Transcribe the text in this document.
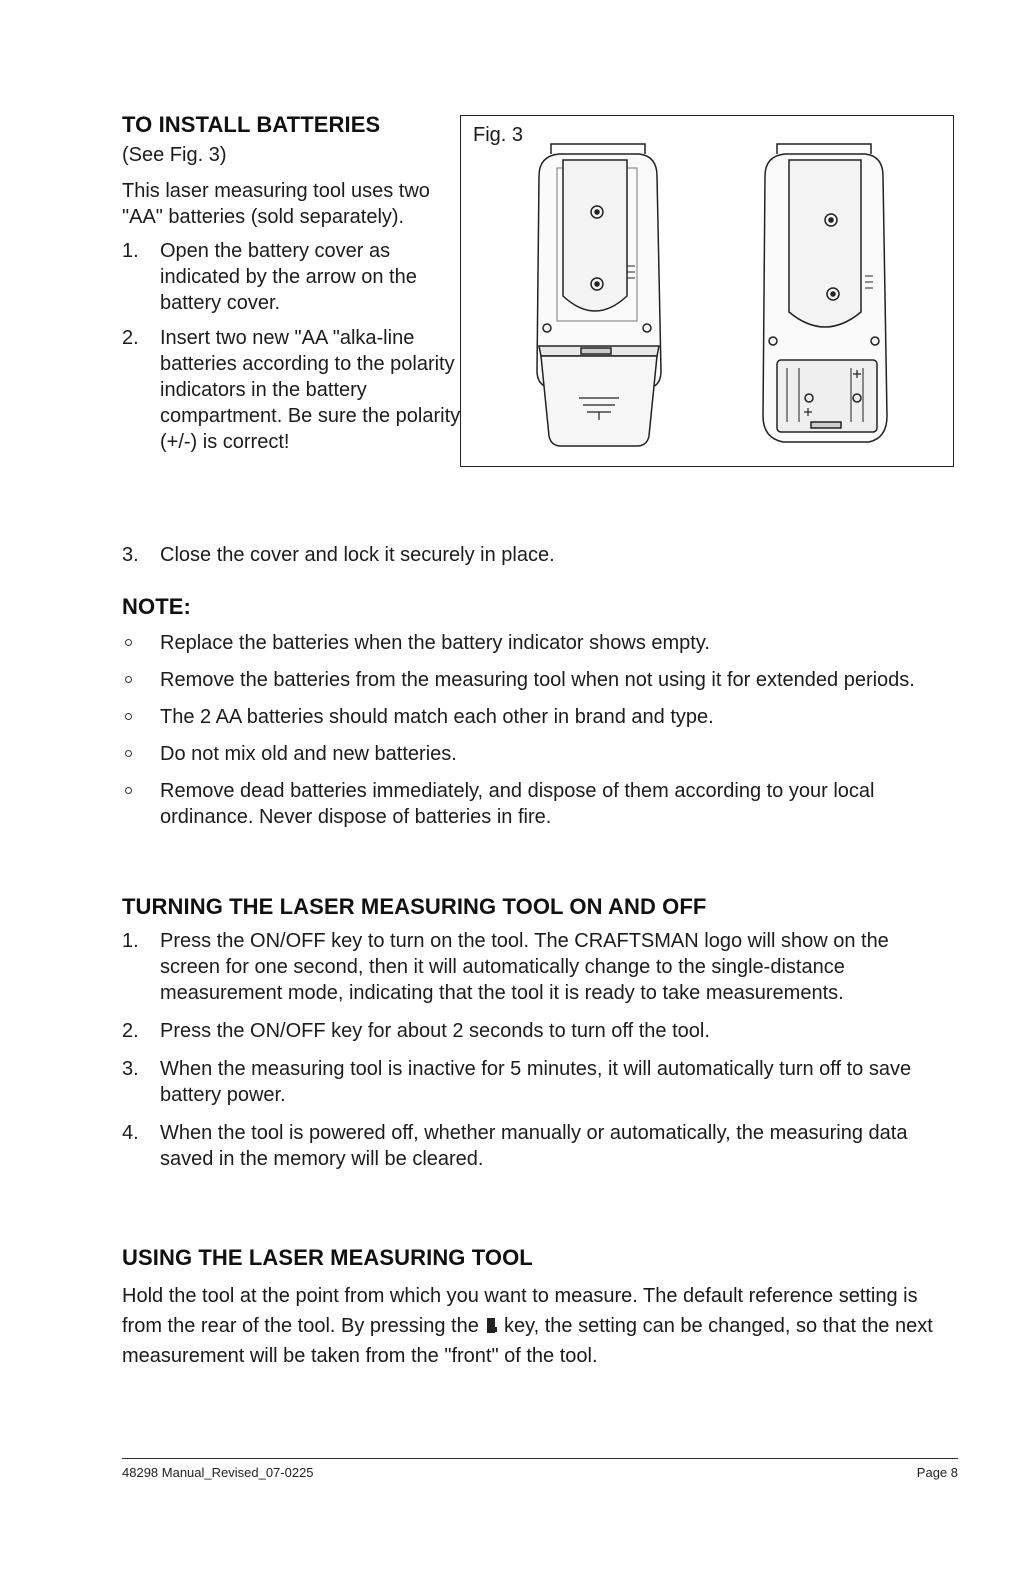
TO INSTALL BATTERIES
(See Fig. 3)
This laser measuring tool uses two "AA" batteries (sold separately).
1. Open the battery cover as indicated by the arrow on the battery cover.
2. Insert two new "AA "alka-line batteries according to the polarity indicators in the battery compartment. Be sure the polarity (+/-) is correct!
3.	Close the cover and lock it securely in place.
Fig. 3
NOTE:
Replace the batteries when the battery indicator shows empty.
Remove the batteries from the measuring tool when not using it for extended periods.
The 2 AA batteries should match each other in brand and type.
Do not mix old and new batteries.
Remove dead batteries immediately, and dispose of them according to your local ordinance. Never dispose of batteries in fire.
TURNING THE LASER MEASURING TOOL ON AND OFF
1. Press the ON/OFF key to turn on the tool. The CRAFTSMAN logo will show on the screen for one second, then it will automatically change to the single-distance measurement mode, indicating that the tool it is ready to take measurements.
2. Press the ON/OFF key for about 2 seconds to turn off the tool.
3. When the measuring tool is inactive for 5 minutes, it will automatically turn off to save battery power.
4. When the tool is powered off, whether manually or automatically, the measuring data saved in the memory will be cleared.
USING THE LASER MEASURING TOOL
Hold the tool at the point from which you want to measure. The default reference setting is from the rear of the tool. By pressing the key, the setting can be changed, so that the next measurement will be taken from the "front" of the tool.
48298 Manual_Revised_07-0225	Page 8
